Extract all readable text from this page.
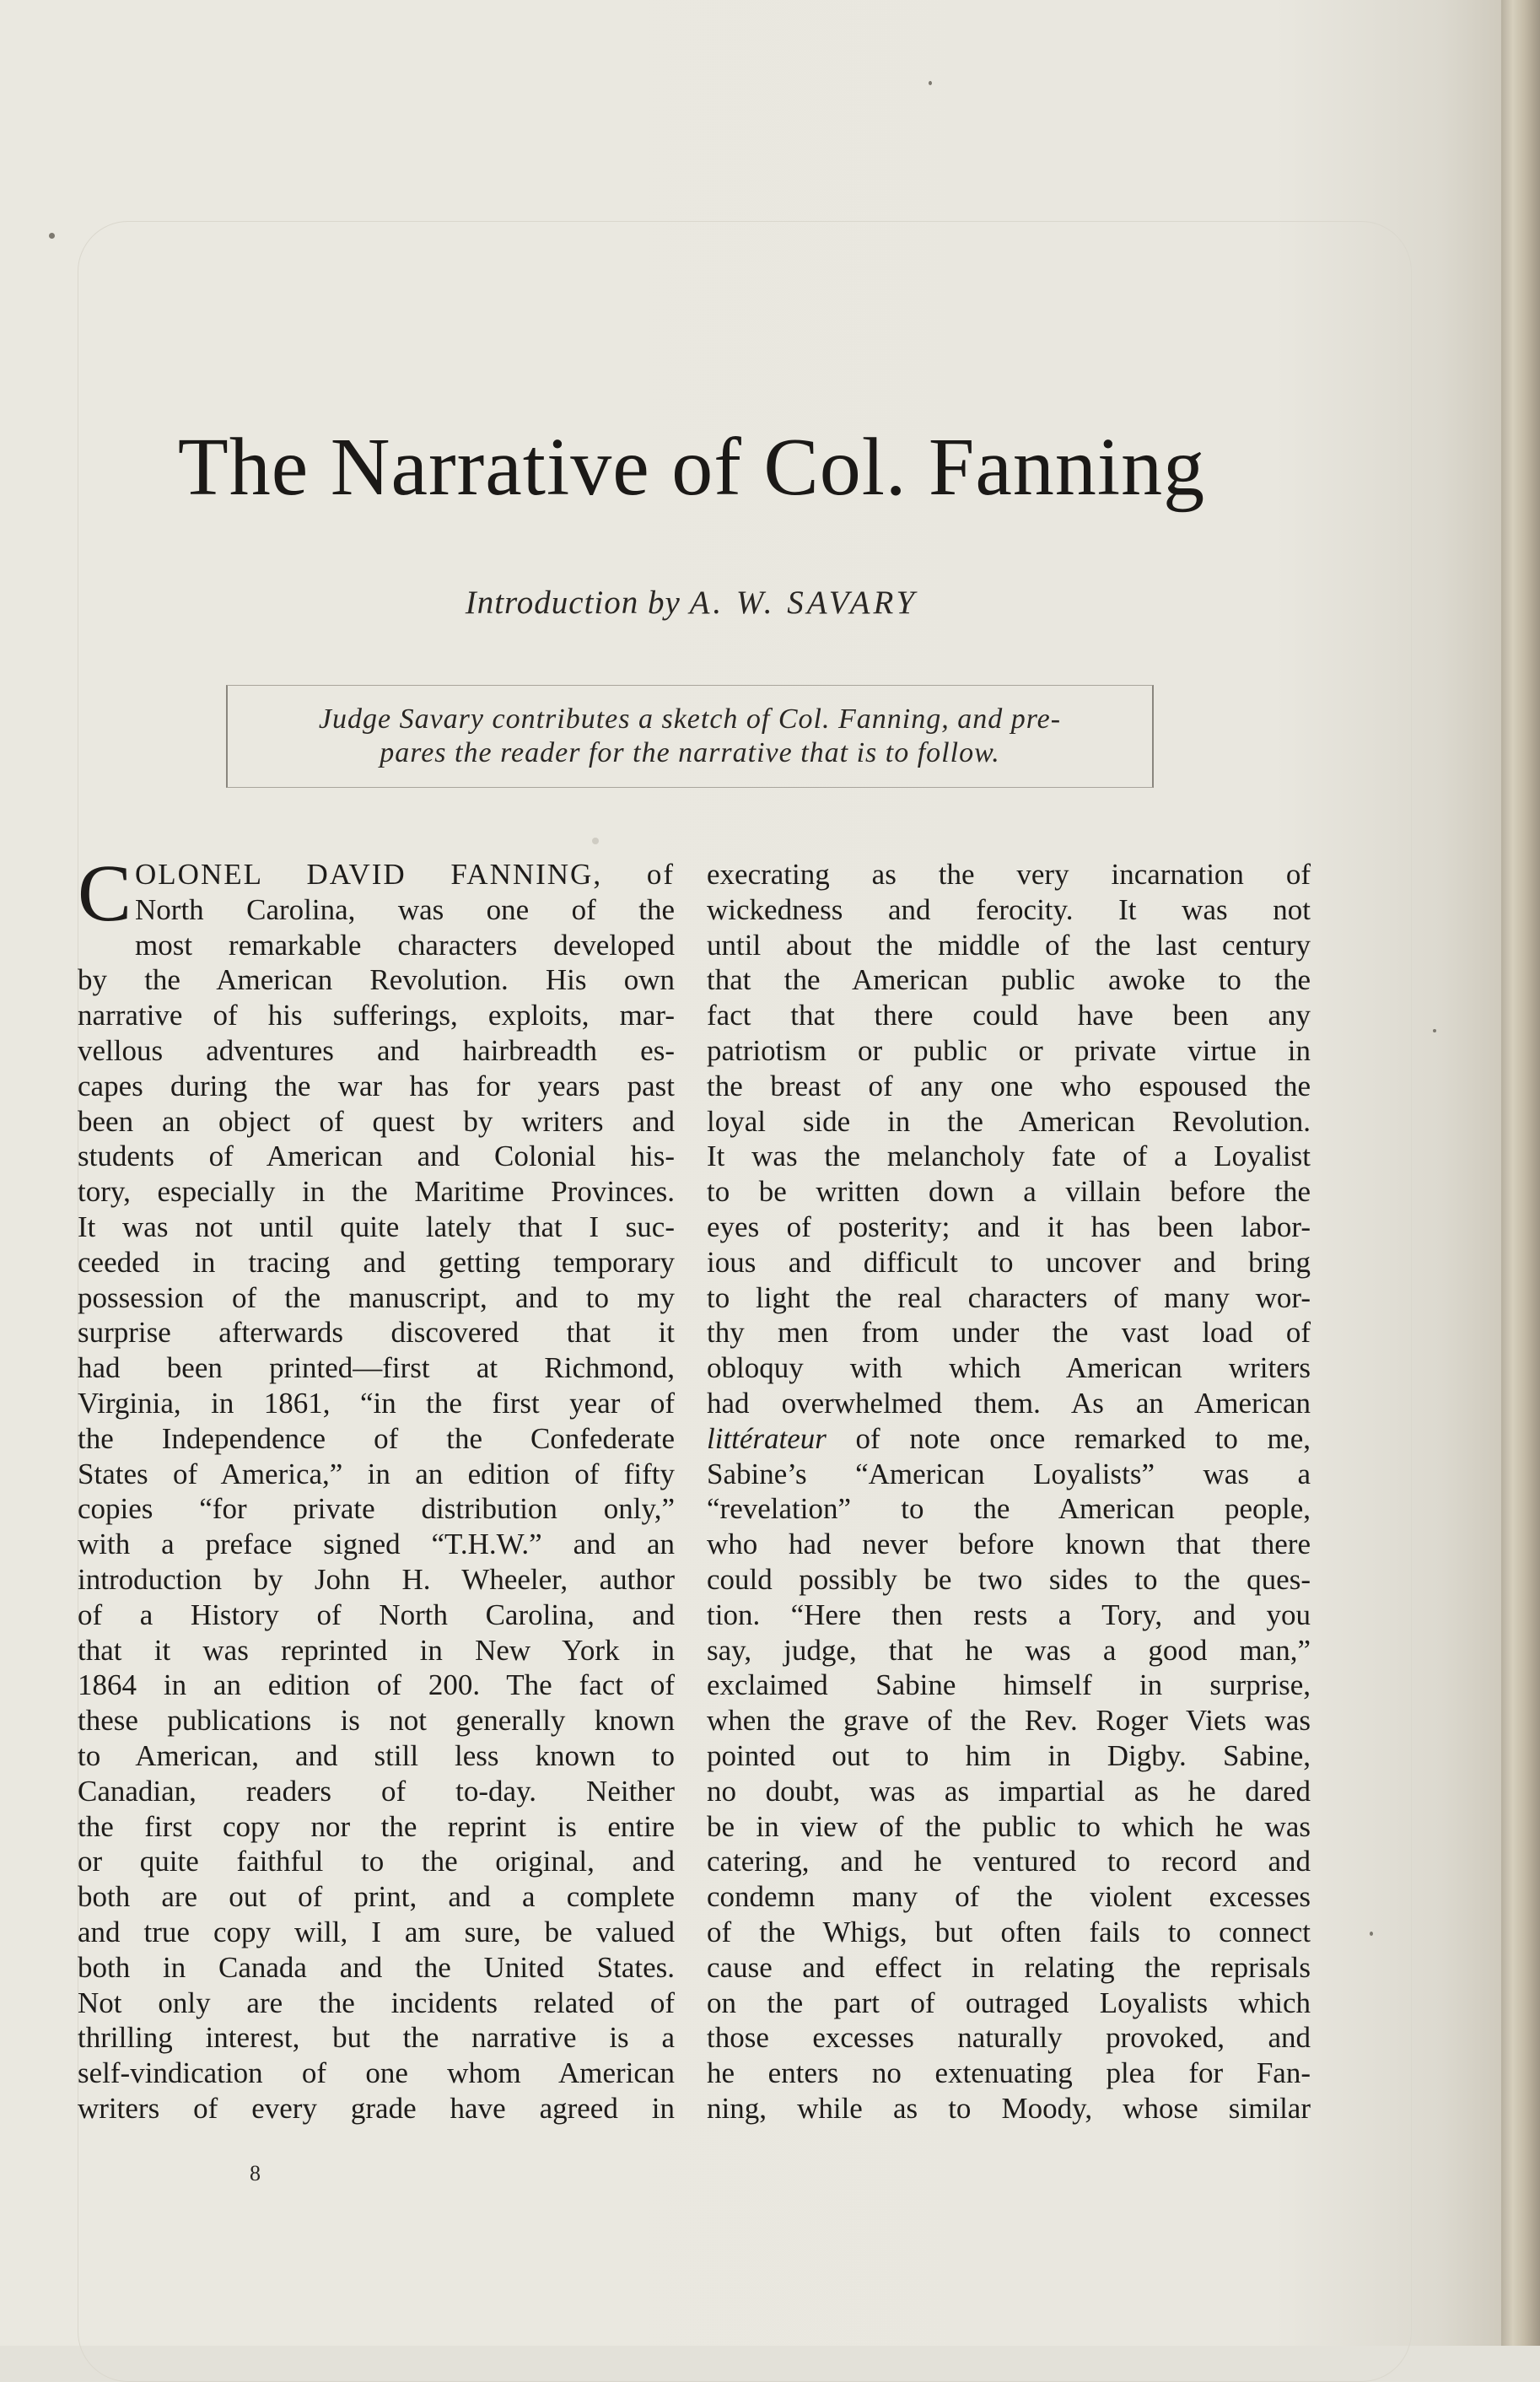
The Narrative of Col. Fanning
Introduction by A. W. SAVARY
Judge Savary contributes a sketch of Col. Fanning, and pre-
pares the reader for the narrative that is to follow.
C OLONEL DAVID FANNING, of
North Carolina, was one of the
most remarkable characters developed
by the American Revolution. His own
narrative of his sufferings, exploits, mar-
vellous adventures and hairbreadth es-
capes during the war has for years past
been an object of quest by writers and
students of American and Colonial his-
tory, especially in the Maritime Provinces.
It was not until quite lately that I suc-
ceeded in tracing and getting temporary
possession of the manuscript, and to my
surprise afterwards discovered that it
had been printed—first at Richmond,
Virginia, in 1861, “in the first year of
the Independence of the Confederate
States of America,” in an edition of fifty
copies “for private distribution only,”
with a preface signed “T.H.W.” and an
introduction by John H. Wheeler, author
of a History of North Carolina, and
that it was reprinted in New York in
1864 in an edition of 200. The fact of
these publications is not generally known
to American, and still less known to
Canadian, readers of to-day. Neither
the first copy nor the reprint is entire
or quite faithful to the original, and
both are out of print, and a complete
and true copy will, I am sure, be valued
both in Canada and the United States.
Not only are the incidents related of
thrilling interest, but the narrative is a
self-vindication of one whom American
writers of every grade have agreed in
execrating as the very incarnation of
wickedness and ferocity. It was not
until about the middle of the last century
that the American public awoke to the
fact that there could have been any
patriotism or public or private virtue in
the breast of any one who espoused the
loyal side in the American Revolution.
It was the melancholy fate of a Loyalist
to be written down a villain before the
eyes of posterity; and it has been labor-
ious and difficult to uncover and bring
to light the real characters of many wor-
thy men from under the vast load of
obloquy with which American writers
had overwhelmed them. As an American
littérateur of note once remarked to me,
Sabine’s “American Loyalists” was a
“revelation” to the American people,
who had never before known that there
could possibly be two sides to the ques-
tion. “Here then rests a Tory, and you
say, judge, that he was a good man,”
exclaimed Sabine himself in surprise,
when the grave of the Rev. Roger Viets was
pointed out to him in Digby. Sabine,
no doubt, was as impartial as he dared
be in view of the public to which he was
catering, and he ventured to record and
condemn many of the violent excesses
of the Whigs, but often fails to connect
cause and effect in relating the reprisals
on the part of outraged Loyalists which
those excesses naturally provoked, and
he enters no extenuating plea for Fan-
ning, while as to Moody, whose similar
8
